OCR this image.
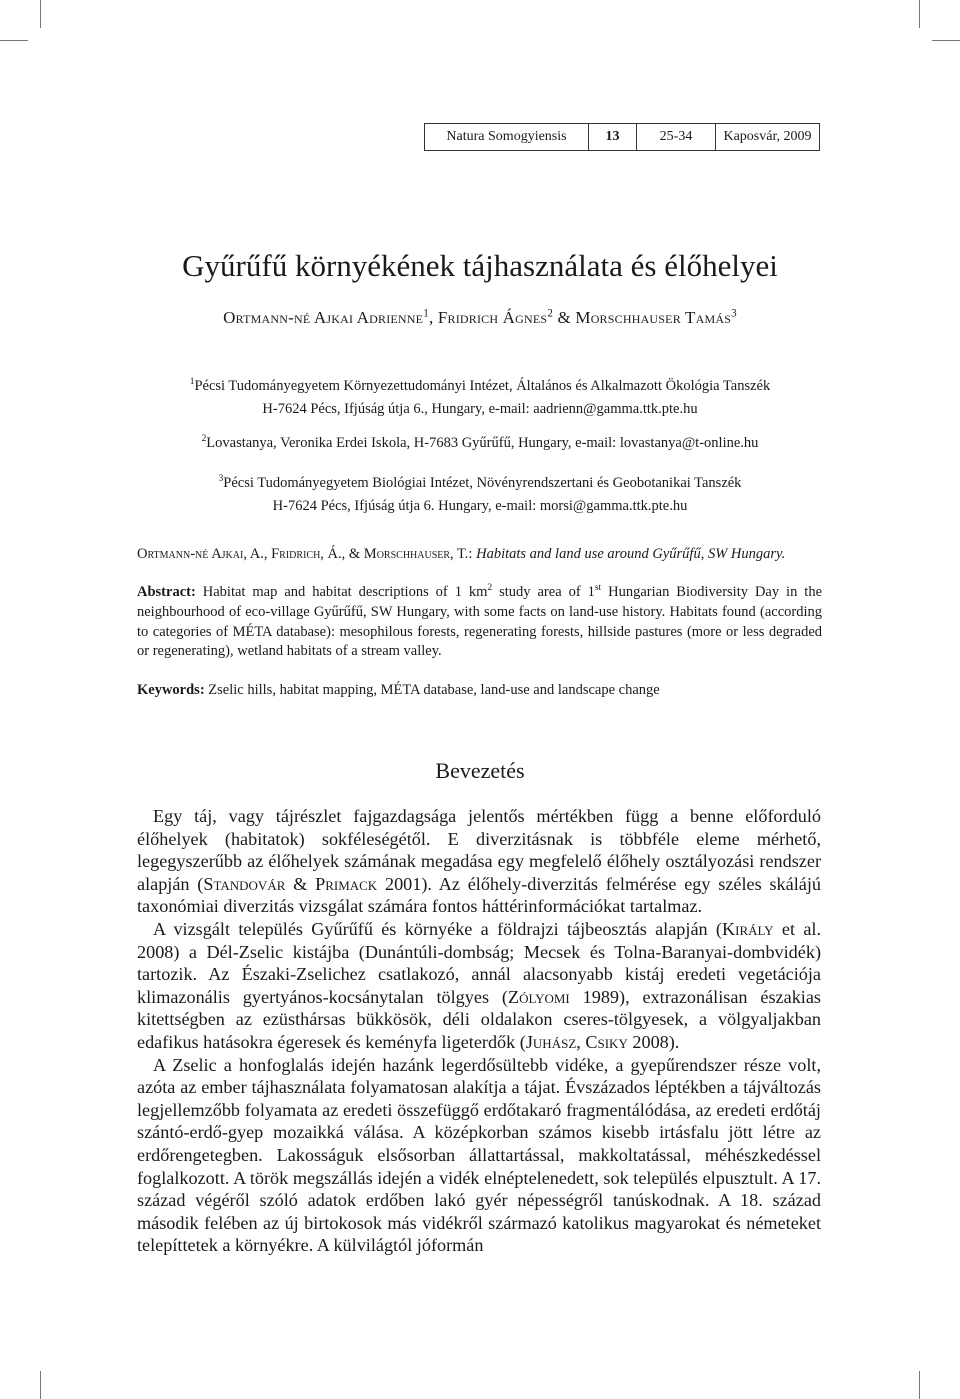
Natura Somogyiensis	13	25-34	Kaposvár, 2009
Gyűrűfű környékének tájhasználata és élőhelyei
Ortmann-né Ajkai Adrienne$^1$, Fridrich Ágnes$^2$ & Morschhauser Tamás$^3$
$^1$Pécsi Tudományegyetem Környezettudományi Intézet, Általános és Alkalmazott Ökológia Tanszék
H-7624 Pécs, Ifjúság útja 6., Hungary, e-mail: aadrienn@gamma.ttk.pte.hu
$^2$Lovastanya, Veronika Erdei Iskola, H-7683 Gyűrűfű, Hungary, e-mail: lovastanya@t-online.hu
$^3$Pécsi Tudományegyetem Biológiai Intézet, Növényrendszertani és Geobotanikai Tanszék
H-7624 Pécs, Ifjúság útja 6. Hungary, e-mail: morsi@gamma.ttk.pte.hu
Ortmann-né Ajkai, A., Fridrich, Á., & Morschhauser, T.: Habitats and land use around Gyűrűfű, SW Hungary.
Abstract: Habitat map and habitat descriptions of 1 $km^2$ study area of 1st Hungarian Biodiversity Day in the neighbourhood of eco-village Gyűrűfű, SW Hungary, with some facts on land-use history. Habitats found (according to categories of MÉTA database): mesophilous forests, regenerating forests, hillside pastures (more or less degraded or regenerating), wetland habitats of a stream valley.
Keywords: Zselic hills, habitat mapping, MÉTA database, land-use and landscape change
Bevezetés

Egy táj, vagy tájrészlet fajgazdagsága jelentős mértékben függ a benne előforduló élőhelyek (habitatok) sokféleségétől. E diverzitásnak is többféle eleme mérhető, legegyszerűbb az élőhelyek számának megadása egy megfelelő élőhely osztályozási rendszer alapján (Standovár & Primack 2001). Az élőhely-diverzitás felmérése egy széles skálájú taxonómiai diverzitás vizsgálat számára fontos háttérinformációkat tartalmaz.

A vizsgált település Gyűrűfű és környéke a földrajzi tájbeosztás alapján (Király et al. 2008) a Dél-Zselic kistájba (Dunántúli-dombság; Mecsek és Tolna-Baranyai-dombvidék) tartozik. Az Északi-Zselichez csatlakozó, annál alacsonyabb kistáj eredeti vegetációja klimazonális gyertyános-kocsánytalan tölgyes (Zólyomi 1989), extrazonálisan északias kitettségben az ezüsthársas bükkösök, déli oldalakon cseres-tölgyesek, a völgyaljakban edafikus hatásokra égeresek és keményfa ligeterdők (Juhász, Csiky 2008).

A Zselic a honfoglalás idején hazánk legerdősültebb vidéke, a gyepűrendszer része volt, azóta az ember tájhasználata folyamatosan alakítja a tájat. Évszázados léptékben a tájváltozás legjellemzőbb folyamata az eredeti összefüggő erdőtakaró fragmentálódása, az eredeti erdőtáj szántó-erdő-gyep mozaikká válása. A középkorban számos kisebb irtásfalu jött létre az erdőrengetegben. Lakosságuk elsősorban állattartással, makkoltatással, méhészkedéssel foglalkozott. A török megszállás idején a vidék elnéptelenedett, sok település elpusztult. A 17. század végéről szóló adatok erdőben lakó gyér népességről tanúskodnak. A 18. század második felében az új birtokosok más vidékről származó katolikus magyarokat és németeket telepíttetek a környékre. A külvilágtól jóformán
